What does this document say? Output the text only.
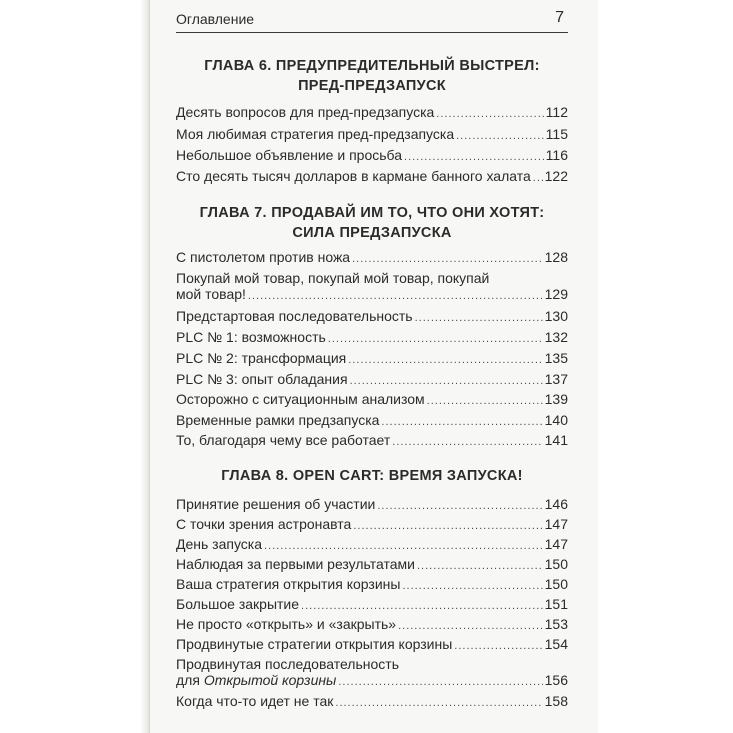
Оглавление	7
ГЛАВА 6. ПРЕДУПРЕДИТЕЛЬНЫЙ ВЫСТРЕЛ:
ПРЕД-ПРЕДЗАПУСК
Десять вопросов для пред-предзапуска .....	112
Моя любимая стратегия пред-предзапуска .....	115
Небольшое объявление и просьба .....	116
Сто десять тысяч долларов в кармане банного халата ..... 122
ГЛАВА 7. ПРОДАВАЙ ИМ ТО, ЧТО ОНИ ХОТЯТ:
СИЛА ПРЕДЗАПУСКА
С пистолетом против ножа .....	128
Покупай мой товар, покупай мой товар, покупай
мой товар! .....	129
Предстартовая последовательность .....	130
PLC № 1: возможность .....	132
PLC № 2: трансформация .....	135
PLC № 3: опыт обладания .....	137
Осторожно с ситуационным анализом .....	139
Временные рамки предзапуска .....	140
То, благодаря чему все работает .....	141
ГЛАВА 8. OPEN CART: ВРЕМЯ ЗАПУСКА!
Принятие решения об участии .....	146
С точки зрения астронавта .....	147
День запуска .....	147
Наблюдая за первыми результатами .....	150
Ваша стратегия открытия корзины .....	150
Большое закрытие .....	151
Не просто «открыть» и «закрыть» .....	153
Продвинутые стратегии открытия корзины .....	154
Продвинутая последовательность
для Открытой корзины .....	156
Когда что-то идет не так .....	158
